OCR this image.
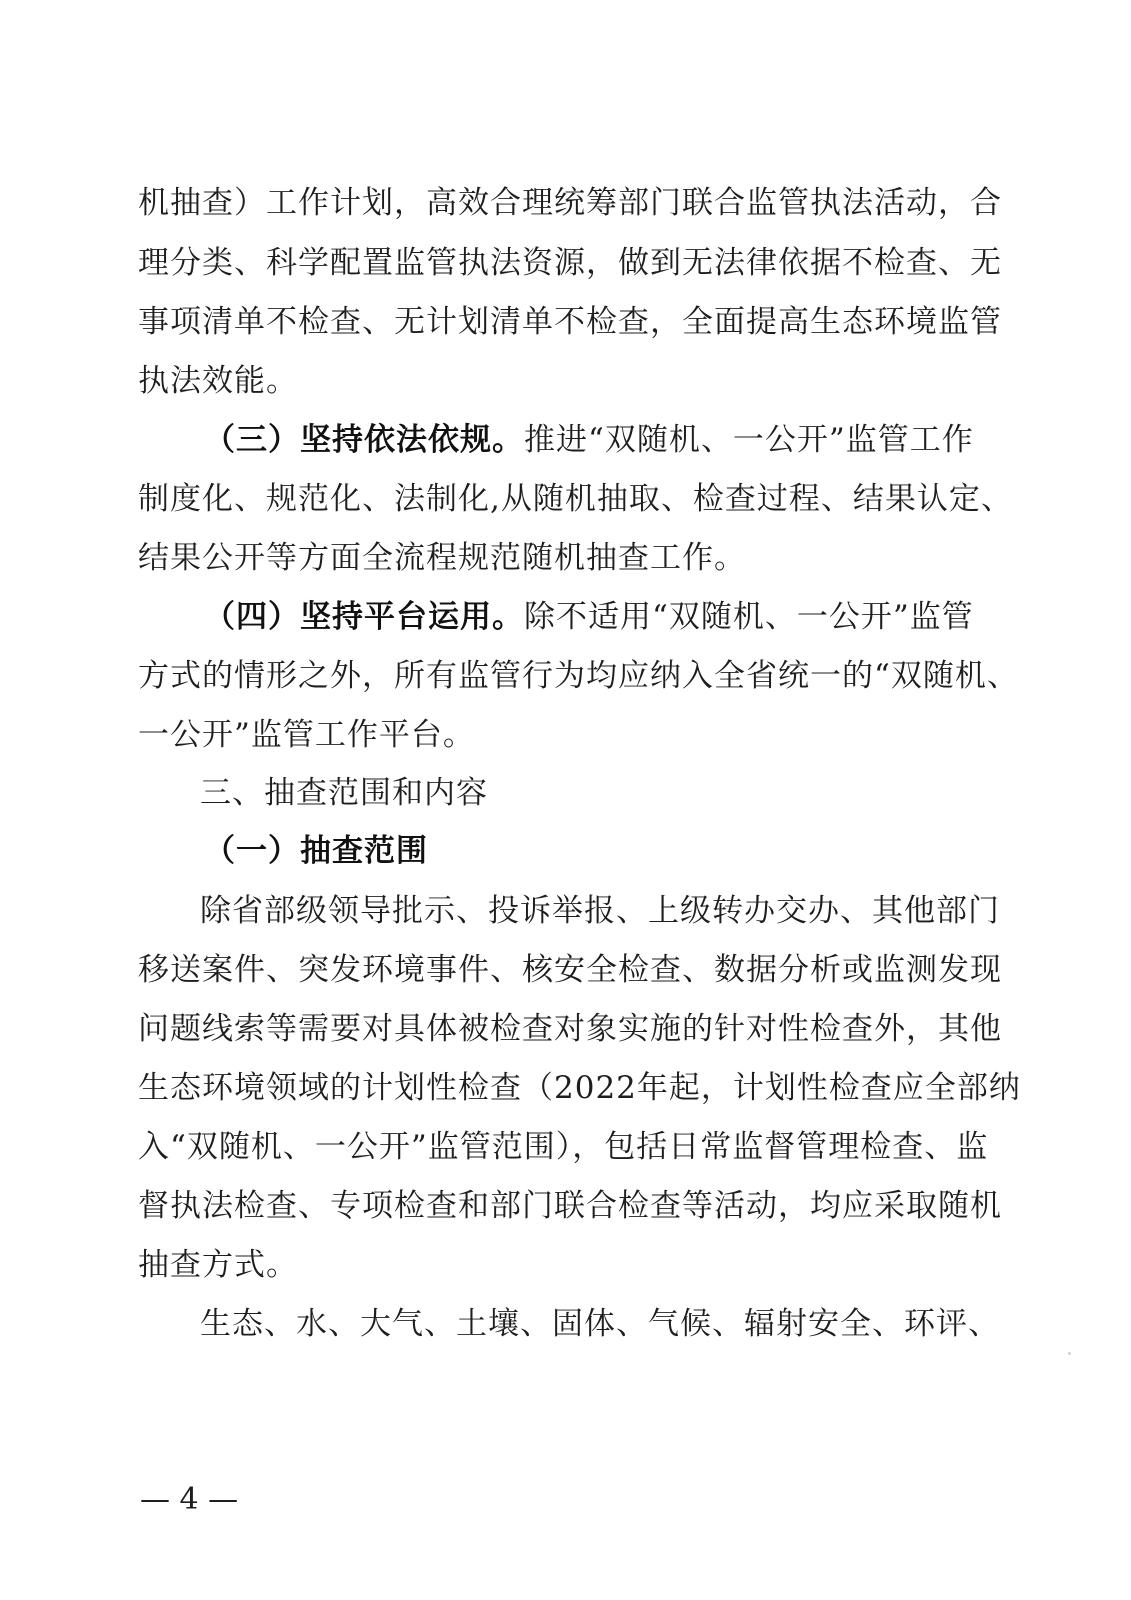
机抽查）工作计划，高效合理统筹部门联合监管执法活动，合
理分类、科学配置监管执法资源，做到无法律依据不检查、无
事项清单不检查、无计划清单不检查，全面提高生态环境监管
执法效能。
（三）坚持依法依规。推进“双随机、一公开”监管工作
制度化、规范化、法制化,从随机抽取、检查过程、结果认定、
结果公开等方面全流程规范随机抽查工作。
（四）坚持平台运用。除不适用“双随机、一公开”监管
方式的情形之外，所有监管行为均应纳入全省统一的“双随机、
一公开”监管工作平台。
三、抽查范围和内容
（一）抽查范围
除省部级领导批示、投诉举报、上级转办交办、其他部门
移送案件、突发环境事件、核安全检查、数据分析或监测发现
问题线索等需要对具体被检查对象实施的针对性检查外，其他
生态环境领域的计划性检查（2022年起，计划性检查应全部纳
入“双随机、一公开”监管范围），包括日常监督管理检查、监
督执法检查、专项检查和部门联合检查等活动，均应采取随机
抽查方式。
生态、水、大气、土壤、固体、气候、辐射安全、环评、
— 4 —
